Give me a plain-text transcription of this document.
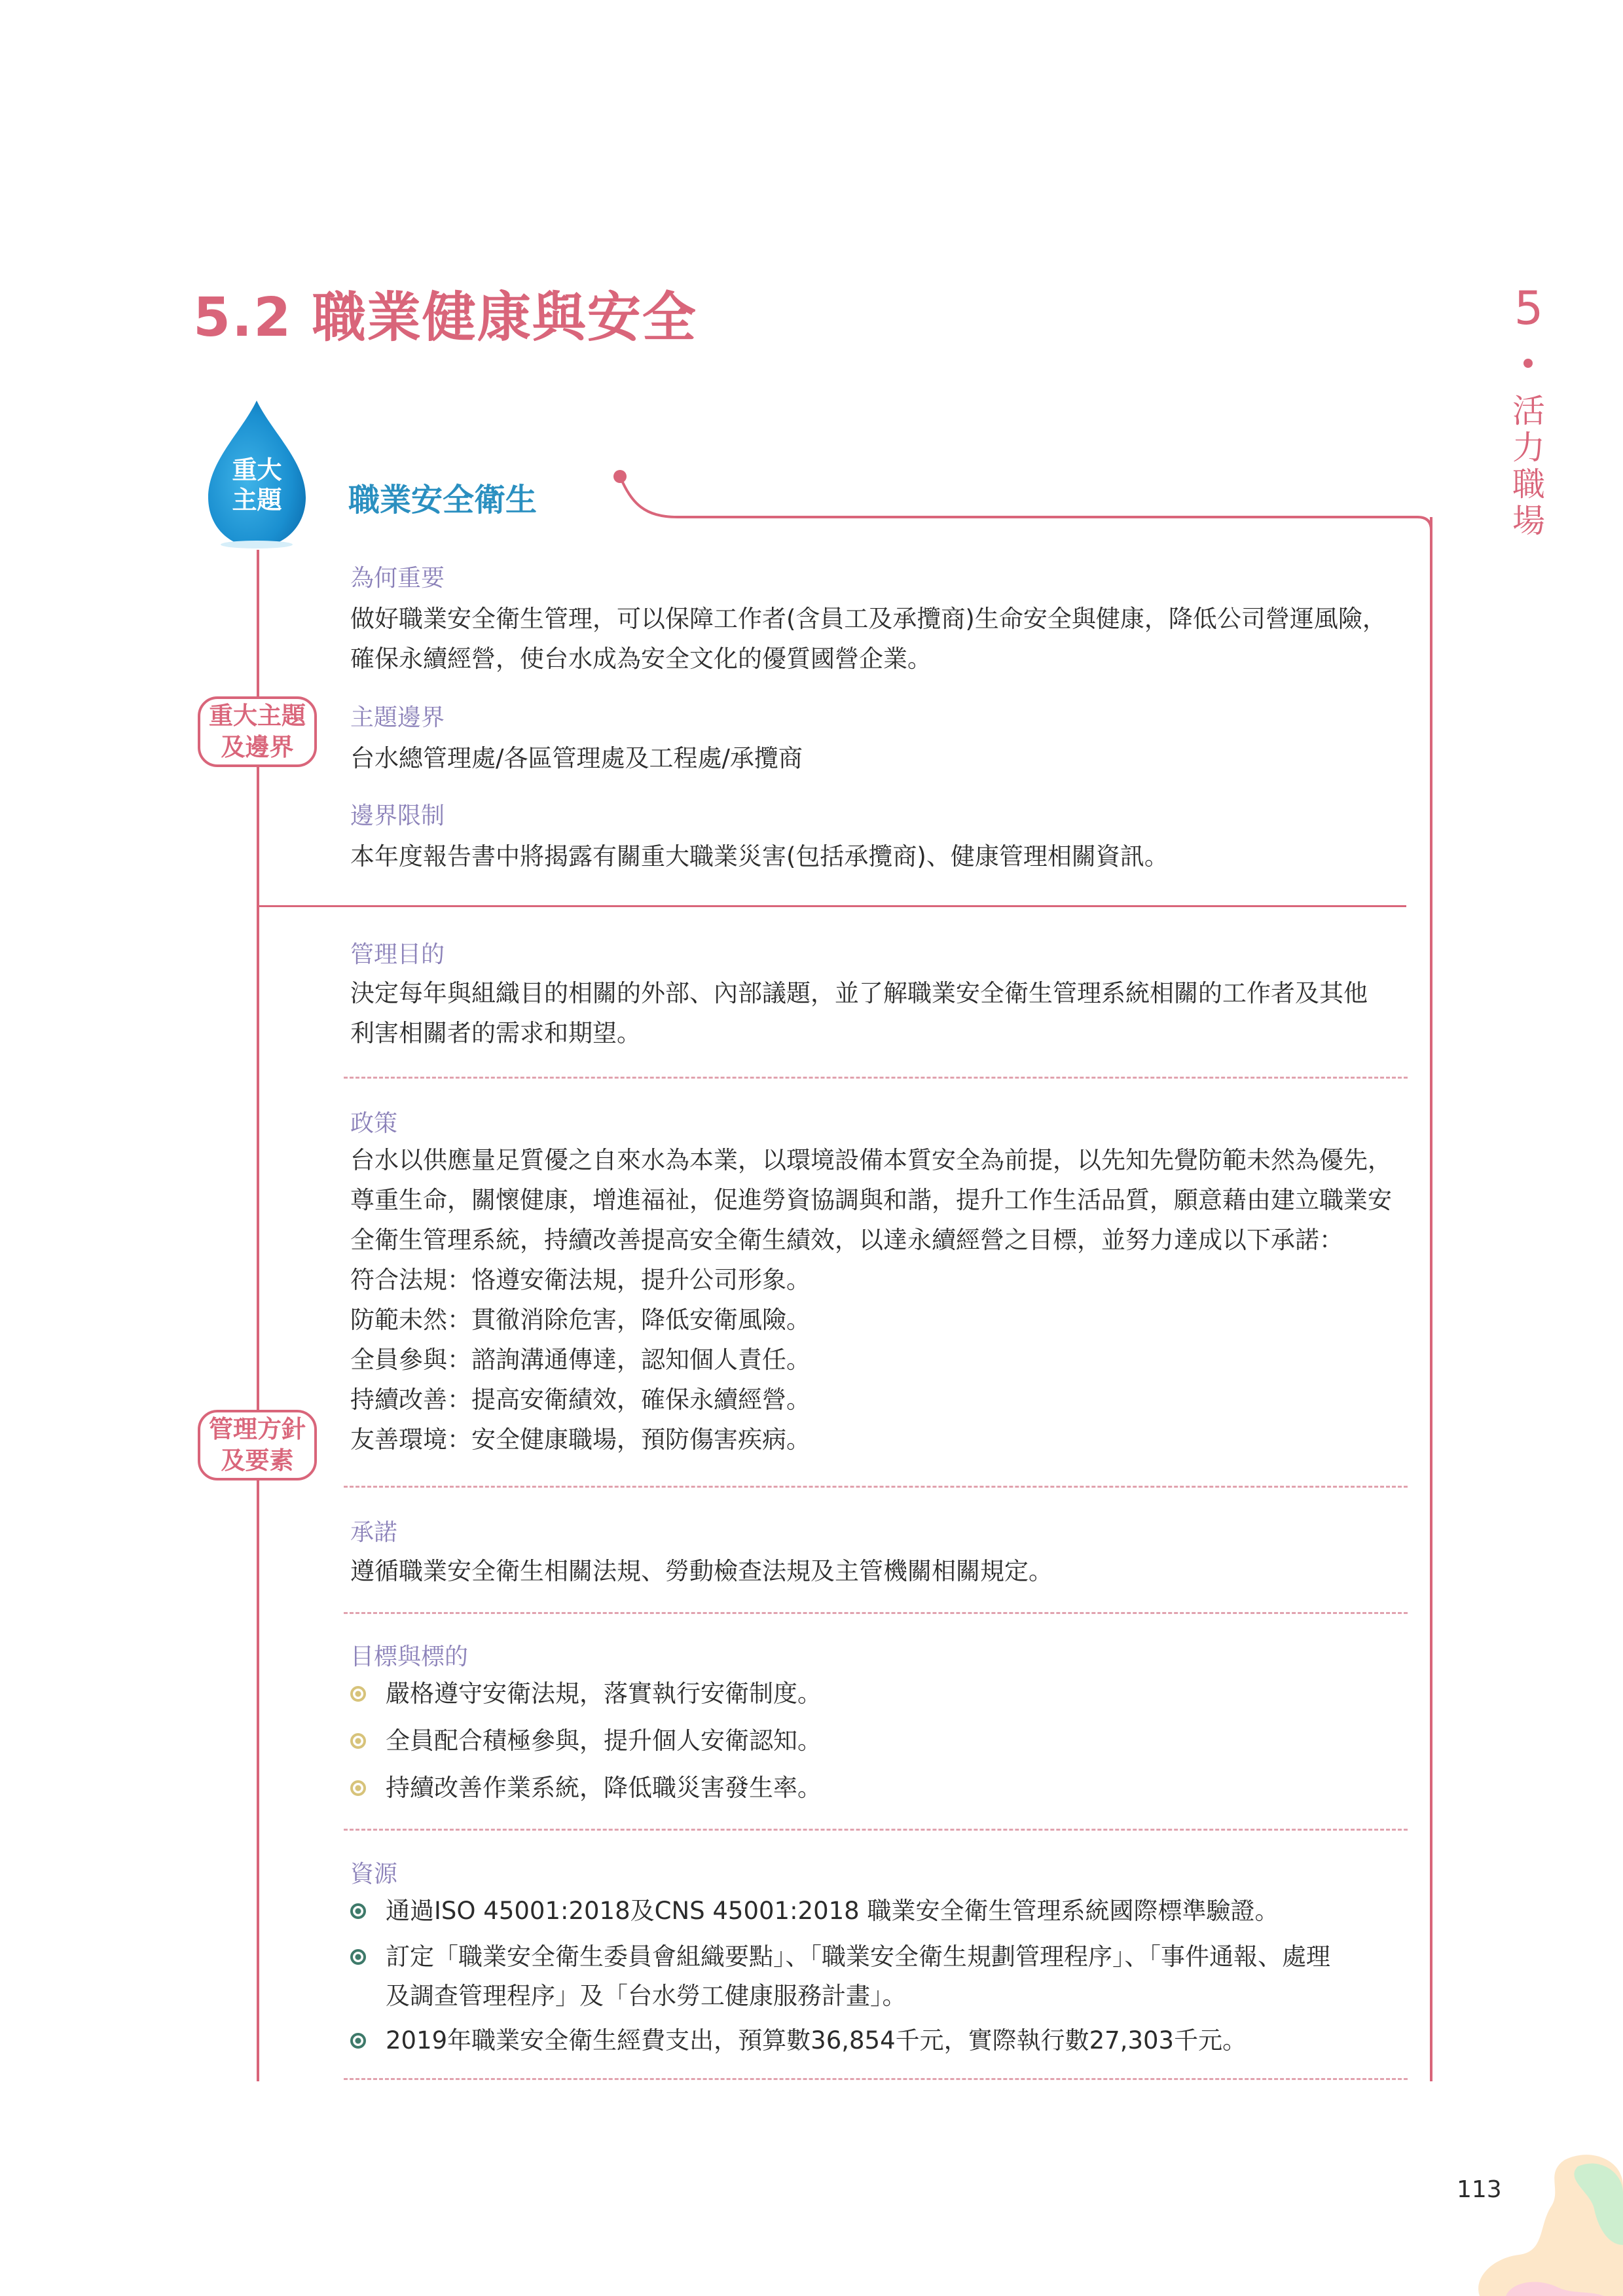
5.2 職業健康與安全	5
活
力
職
場
重大
主題	職業安全衛生
重大主題
及邊界
管理方針
及要素
為何重要
做好職業安全衛生管理，可以保障工作者(含員工及承攬商)生命安全與健康，降低公司營運風險，
確保永續經營，使台水成為安全文化的優質國營企業。
主題邊界
台水總管理處/各區管理處及工程處/承攬商
邊界限制
本年度報告書中將揭露有關重大職業災害(包括承攬商)、健康管理相關資訊。
管理目的
決定每年與組織目的相關的外部、內部議題，並了解職業安全衛生管理系統相關的工作者及其他
利害相關者的需求和期望。
政策
台水以供應量足質優之自來水為本業，以環境設備本質安全為前提，以先知先覺防範未然為優先，
尊重生命，關懷健康，增進福祉，促進勞資協調與和諧，提升工作生活品質，願意藉由建立職業安
全衛生管理系統，持續改善提高安全衛生績效，以達永續經營之目標，並努力達成以下承諾：
符合法規：恪遵安衛法規，提升公司形象。
防範未然：貫徹消除危害，降低安衛風險。
全員參與：諮詢溝通傳達，認知個人責任。
持續改善：提高安衛績效，確保永續經營。
友善環境：安全健康職場，預防傷害疾病。
承諾
遵循職業安全衛生相關法規、勞動檢查法規及主管機關相關規定。
目標與標的
嚴格遵守安衛法規，落實執行安衛制度。
全員配合積極參與，提升個人安衛認知。
持續改善作業系統，降低職災害發生率。
資源
通過ISO 45001:2018及CNS 45001:2018 職業安全衛生管理系統國際標準驗證。
訂定「職業安全衛生委員會組織要點」、「職業安全衛生規劃管理程序」、「事件通報、處理
及調查管理程序」及「台水勞工健康服務計畫」。
2019年職業安全衛生經費支出，預算數36,854千元，實際執行數27,303千元。
113
